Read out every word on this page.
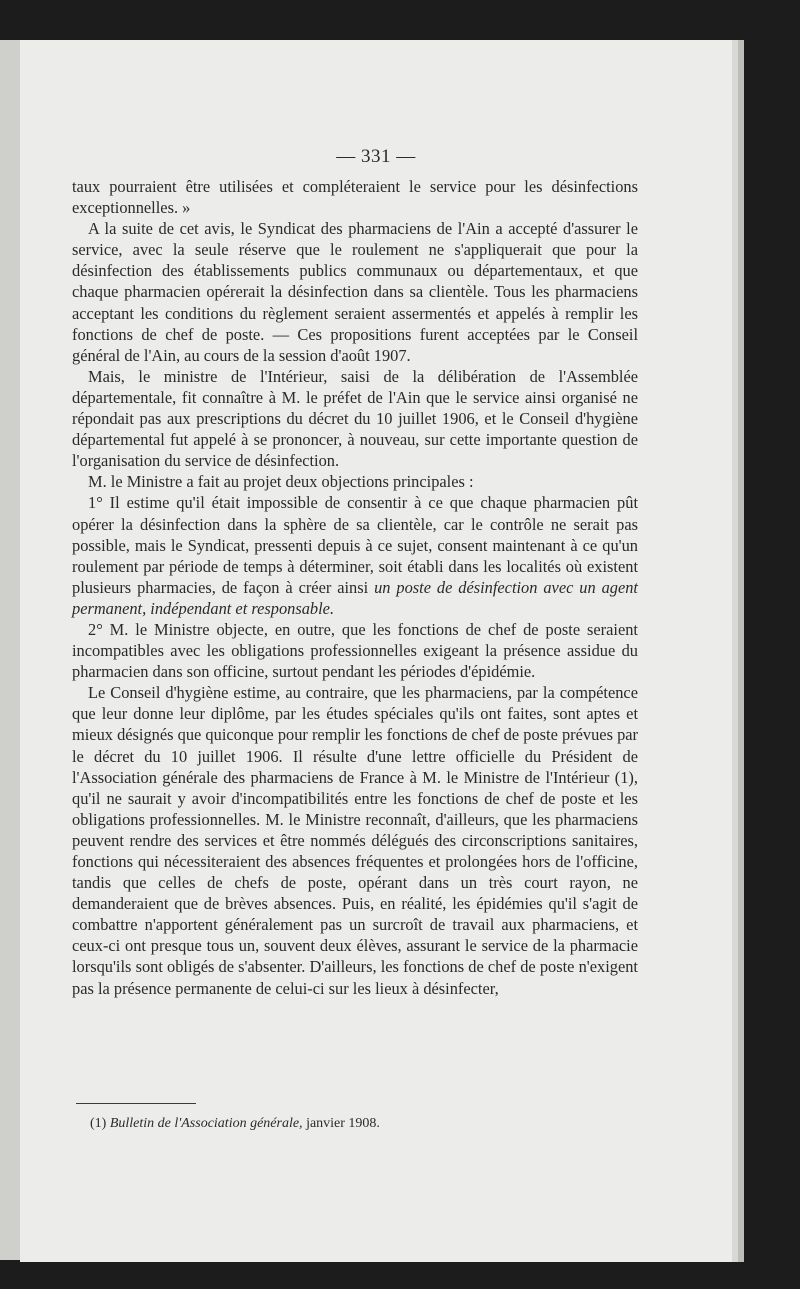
— 331 —

taux pourraient être utilisées et compléteraient le service pour les désinfections exceptionnelles. »

A la suite de cet avis, le Syndicat des pharmaciens de l'Ain a accepté d'assurer le service, avec la seule réserve que le roulement ne s'appliquerait que pour la désinfection des établissements publics communaux ou départementaux, et que chaque pharmacien opérerait la désinfection dans sa clientèle. Tous les pharmaciens acceptant les conditions du règlement seraient assermentés et appelés à remplir les fonctions de chef de poste. — Ces propositions furent acceptées par le Conseil général de l'Ain, au cours de la session d'août 1907.

Mais, le ministre de l'Intérieur, saisi de la délibération de l'Assemblée départementale, fit connaître à M. le préfet de l'Ain que le service ainsi organisé ne répondait pas aux prescriptions du décret du 10 juillet 1906, et le Conseil d'hygiène départemental fut appelé à se prononcer, à nouveau, sur cette importante question de l'organisation du service de désinfection.

M. le Ministre a fait au projet deux objections principales :

1° Il estime qu'il était impossible de consentir à ce que chaque pharmacien pût opérer la désinfection dans la sphère de sa clientèle, car le contrôle ne serait pas possible, mais le Syndicat, pressenti depuis à ce sujet, consent maintenant à ce qu'un roulement par période de temps à déterminer, soit établi dans les localités où existent plusieurs pharmacies, de façon à créer ainsi un poste de désinfection avec un agent permanent, indépendant et responsable.

2° M. le Ministre objecte, en outre, que les fonctions de chef de poste seraient incompatibles avec les obligations professionnelles exigeant la présence assidue du pharmacien dans son officine, surtout pendant les périodes d'épidémie.

Le Conseil d'hygiène estime, au contraire, que les pharmaciens, par la compétence que leur donne leur diplôme, par les études spéciales qu'ils ont faites, sont aptes et mieux désignés que quiconque pour remplir les fonctions de chef de poste prévues par le décret du 10 juillet 1906. Il résulte d'une lettre officielle du Président de l'Association générale des pharmaciens de France à M. le Ministre de l'Intérieur (1), qu'il ne saurait y avoir d'incompatibilités entre les fonctions de chef de poste et les obligations professionnelles. M. le Ministre reconnaît, d'ailleurs, que les pharmaciens peuvent rendre des services et être nommés délégués des circonscriptions sanitaires, fonctions qui nécessiteraient des absences fréquentes et prolongées hors de l'officine, tandis que celles de chefs de poste, opérant dans un très court rayon, ne demanderaient que de brèves absences. Puis, en réalité, les épidémies qu'il s'agit de combattre n'apportent généralement pas un surcroît de travail aux pharmaciens, et ceux-ci ont presque tous un, souvent deux élèves, assurant le service de la pharmacie lorsqu'ils sont obligés de s'absenter. D'ailleurs, les fonctions de chef de poste n'exigent pas la présence permanente de celui-ci sur les lieux à désinfecter,

(1) Bulletin de l'Association générale, janvier 1908.
